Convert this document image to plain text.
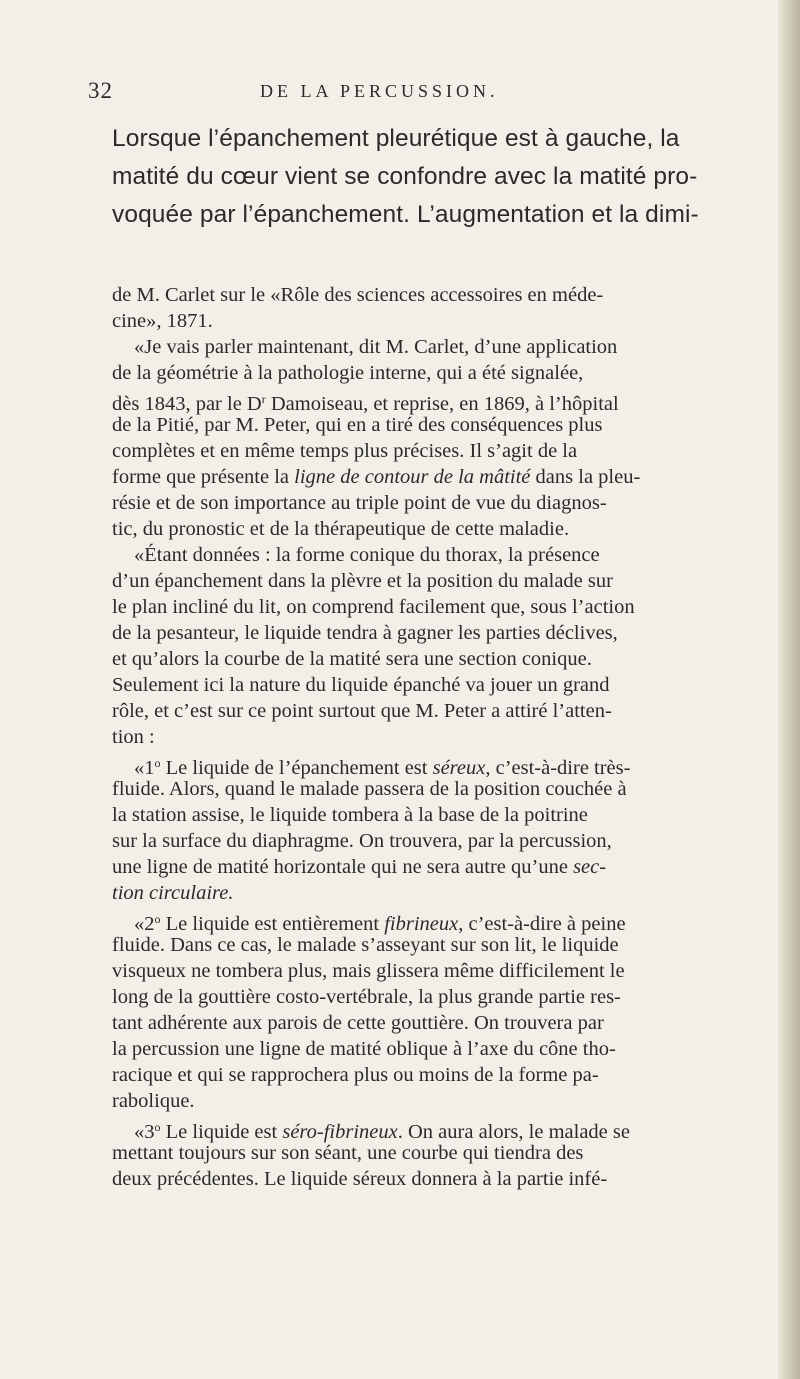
32	DE LA PERCUSSION.
Lorsque l’épanchement pleurétique est à gauche, la
matité du cœur vient se confondre avec la matité pro-
voquée par l’épanchement. L’augmentation et la dimi-
de M. Carlet sur le «Rôle des sciences accessoires en méde-
cine», 1871.
«Je vais parler maintenant, dit M. Carlet, d’une application
de la géométrie à la pathologie interne, qui a été signalée,
dès 1843, par le $D^r$ Damoiseau, et reprise, en 1869, à l’hôpital
de la Pitié, par M. Peter, qui en a tiré des conséquences plus
complètes et en même temps plus précises. Il s’agit de la
forme que présente la ligne de contour de la mâtité dans la pleu-
résie et de son importance au triple point de vue du diagnos-
tic, du pronostic et de la thérapeutique de cette maladie.
«Étant données : la forme conique du thorax, la présence
d’un épanchement dans la plèvre et la position du malade sur
le plan incliné du lit, on comprend facilement que, sous l’action
de la pesanteur, le liquide tendra à gagner les parties déclives,
et qu’alors la courbe de la matité sera une section conique.
Seulement ici la nature du liquide épanché va jouer un grand
rôle, et c’est sur ce point surtout que M. Peter a attiré l’atten-
tion :
«1$^o$ Le liquide de l’épanchement est séreux, c’est-à-dire très-
fluide. Alors, quand le malade passera de la position couchée à
la station assise, le liquide tombera à la base de la poitrine
sur la surface du diaphragme. On trouvera, par la percussion,
une ligne de matité horizontale qui ne sera autre qu’une sec-
tion circulaire.
«2$^o$ Le liquide est entièrement fibrineux, c’est-à-dire à peine
fluide. Dans ce cas, le malade s’asseyant sur son lit, le liquide
visqueux ne tombera plus, mais glissera même difficilement le
long de la gouttière costo-vertébrale, la plus grande partie res-
tant adhérente aux parois de cette gouttière. On trouvera par
la percussion une ligne de matité oblique à l’axe du cône tho-
racique et qui se rapprochera plus ou moins de la forme pa-
rabolique.
«3$^o$ Le liquide est séro-fibrineux. On aura alors, le malade se
mettant toujours sur son séant, une courbe qui tiendra des
deux précédentes. Le liquide séreux donnera à la partie infé-
